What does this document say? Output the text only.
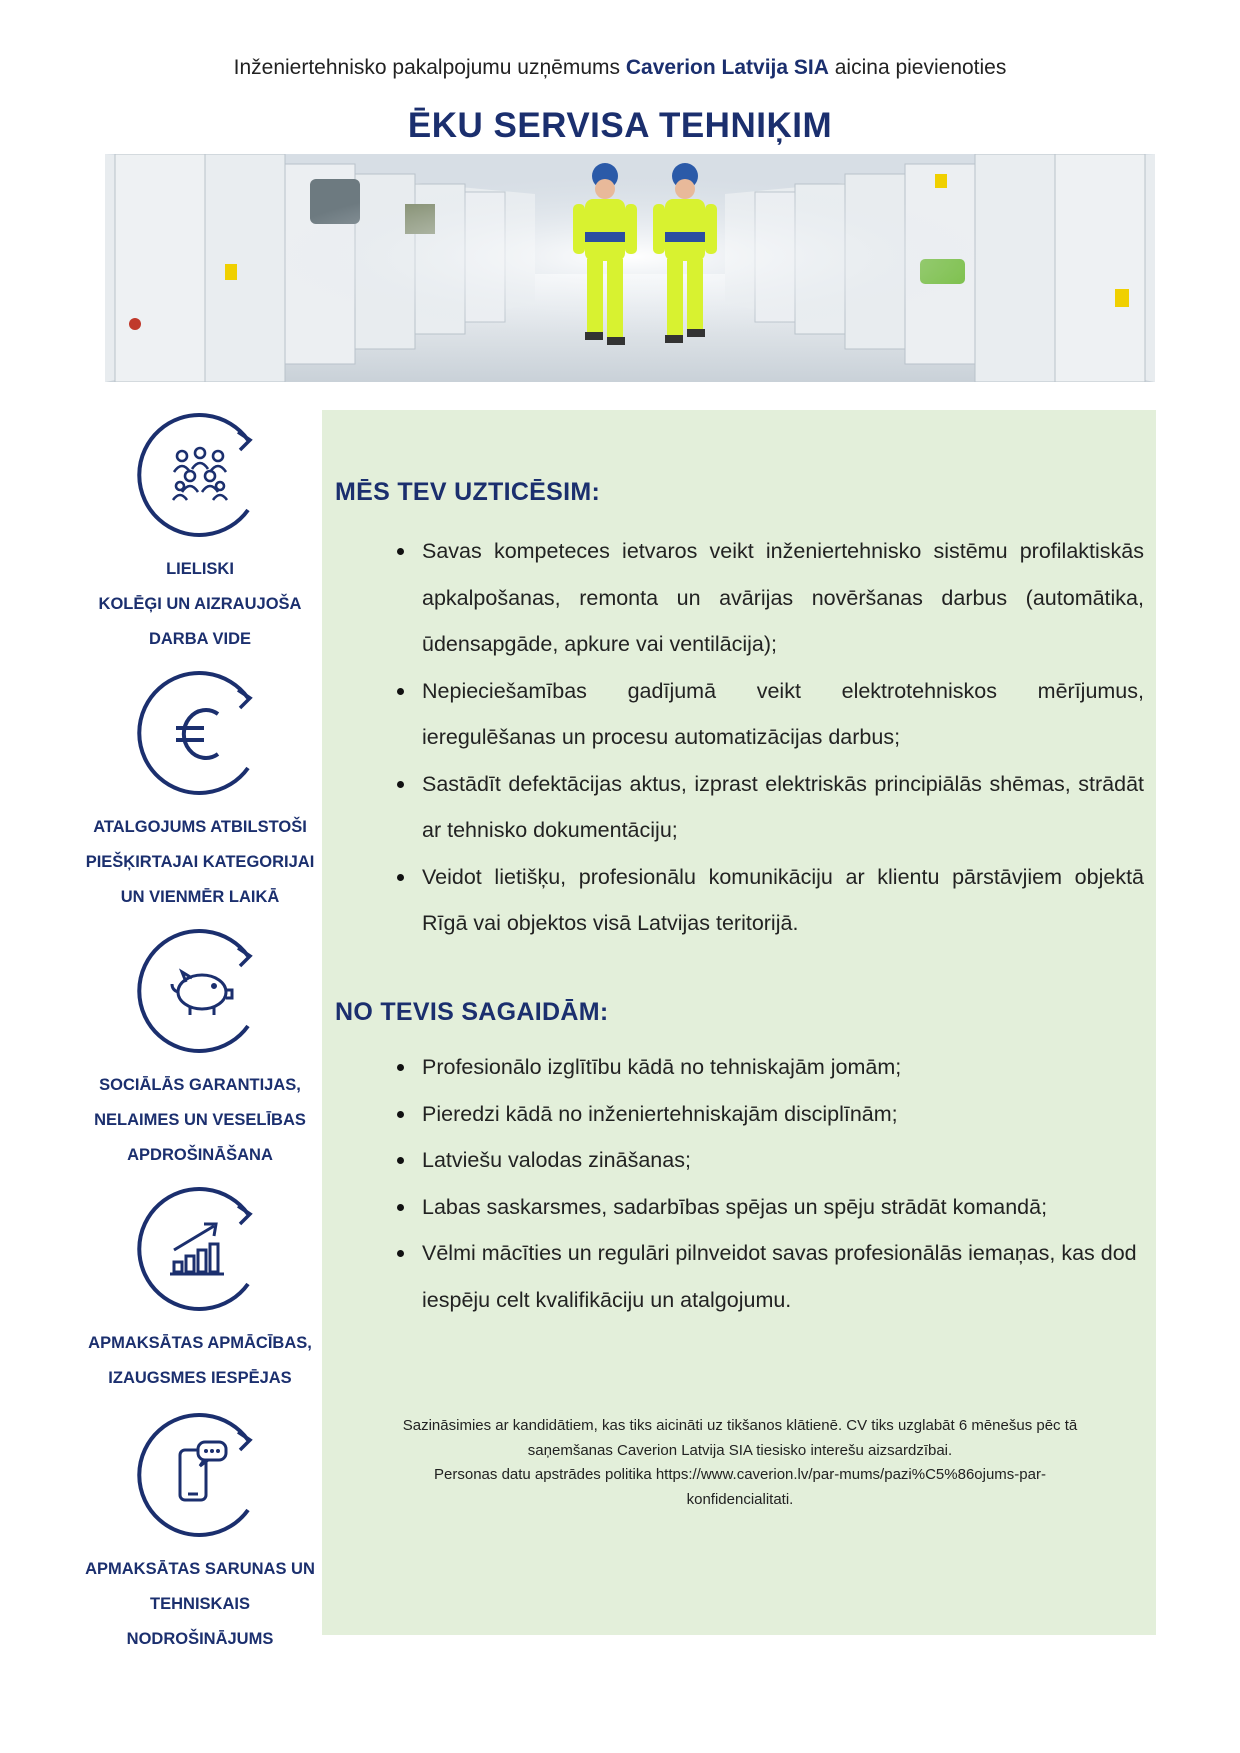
Inženiertehnisko pakalpojumu uzņēmums Caverion Latvija SIA aicina pievienoties
ĒKU SERVISA TEHNIĶIM
LIELISKI
KOLĒĢI UN AIZRAUJOŠA
DARBA VIDE
ATALGOJUMS ATBILSTOŠI
PIEŠĶIRTAJAI KATEGORIJAI
UN VIENMĒR LAIKĀ
SOCIĀLĀS GARANTIJAS,
NELAIMES UN VESELĪBAS
APDROŠINĀŠANA
APMAKSĀTAS APMĀCĪBAS,
IZAUGSMES IESPĒJAS
APMAKSĀTAS SARUNAS UN
TEHNISKAIS
NODROŠINĀJUMS
MĒS TEV UZTICĒSIM:
Savas kompeteces ietvaros veikt inženiertehnisko sistēmu profilaktiskās apkalpošanas, remonta un avārijas novēršanas darbus (automātika, ūdensapgāde, apkure vai ventilācija);
Nepieciešamības gadījumā veikt elektrotehniskos mērījumus, ieregulēšanas un procesu automatizācijas darbus;
Sastādīt defektācijas aktus, izprast elektriskās principiālās shēmas, strādāt ar tehnisko dokumentāciju;
Veidot lietišķu, profesionālu komunikāciju ar klientu pārstāvjiem objektā Rīgā vai objektos visā Latvijas teritorijā.
NO TEVIS SAGAIDĀM:
Profesionālo izglītību kādā no tehniskajām jomām;
Pieredzi kādā no inženiertehniskajām disciplīnām;
Latviešu valodas zināšanas;
Labas saskarsmes, sadarbības spējas un spēju strādāt komandā;
Vēlmi mācīties un regulāri pilnveidot savas profesionālās iemaņas, kas dod iespēju celt kvalifikāciju un atalgojumu.
Sazināsimies ar kandidātiem, kas tiks aicināti uz tikšanos klātienē. CV tiks uzglabāt 6 mēnešus pēc tā
saņemšanas Caverion Latvija SIA tiesisko interešu aizsardzībai.
Personas datu apstrādes politika https://www.caverion.lv/par-mums/pazi%C5%86ojums-par-
konfidencialitati.
